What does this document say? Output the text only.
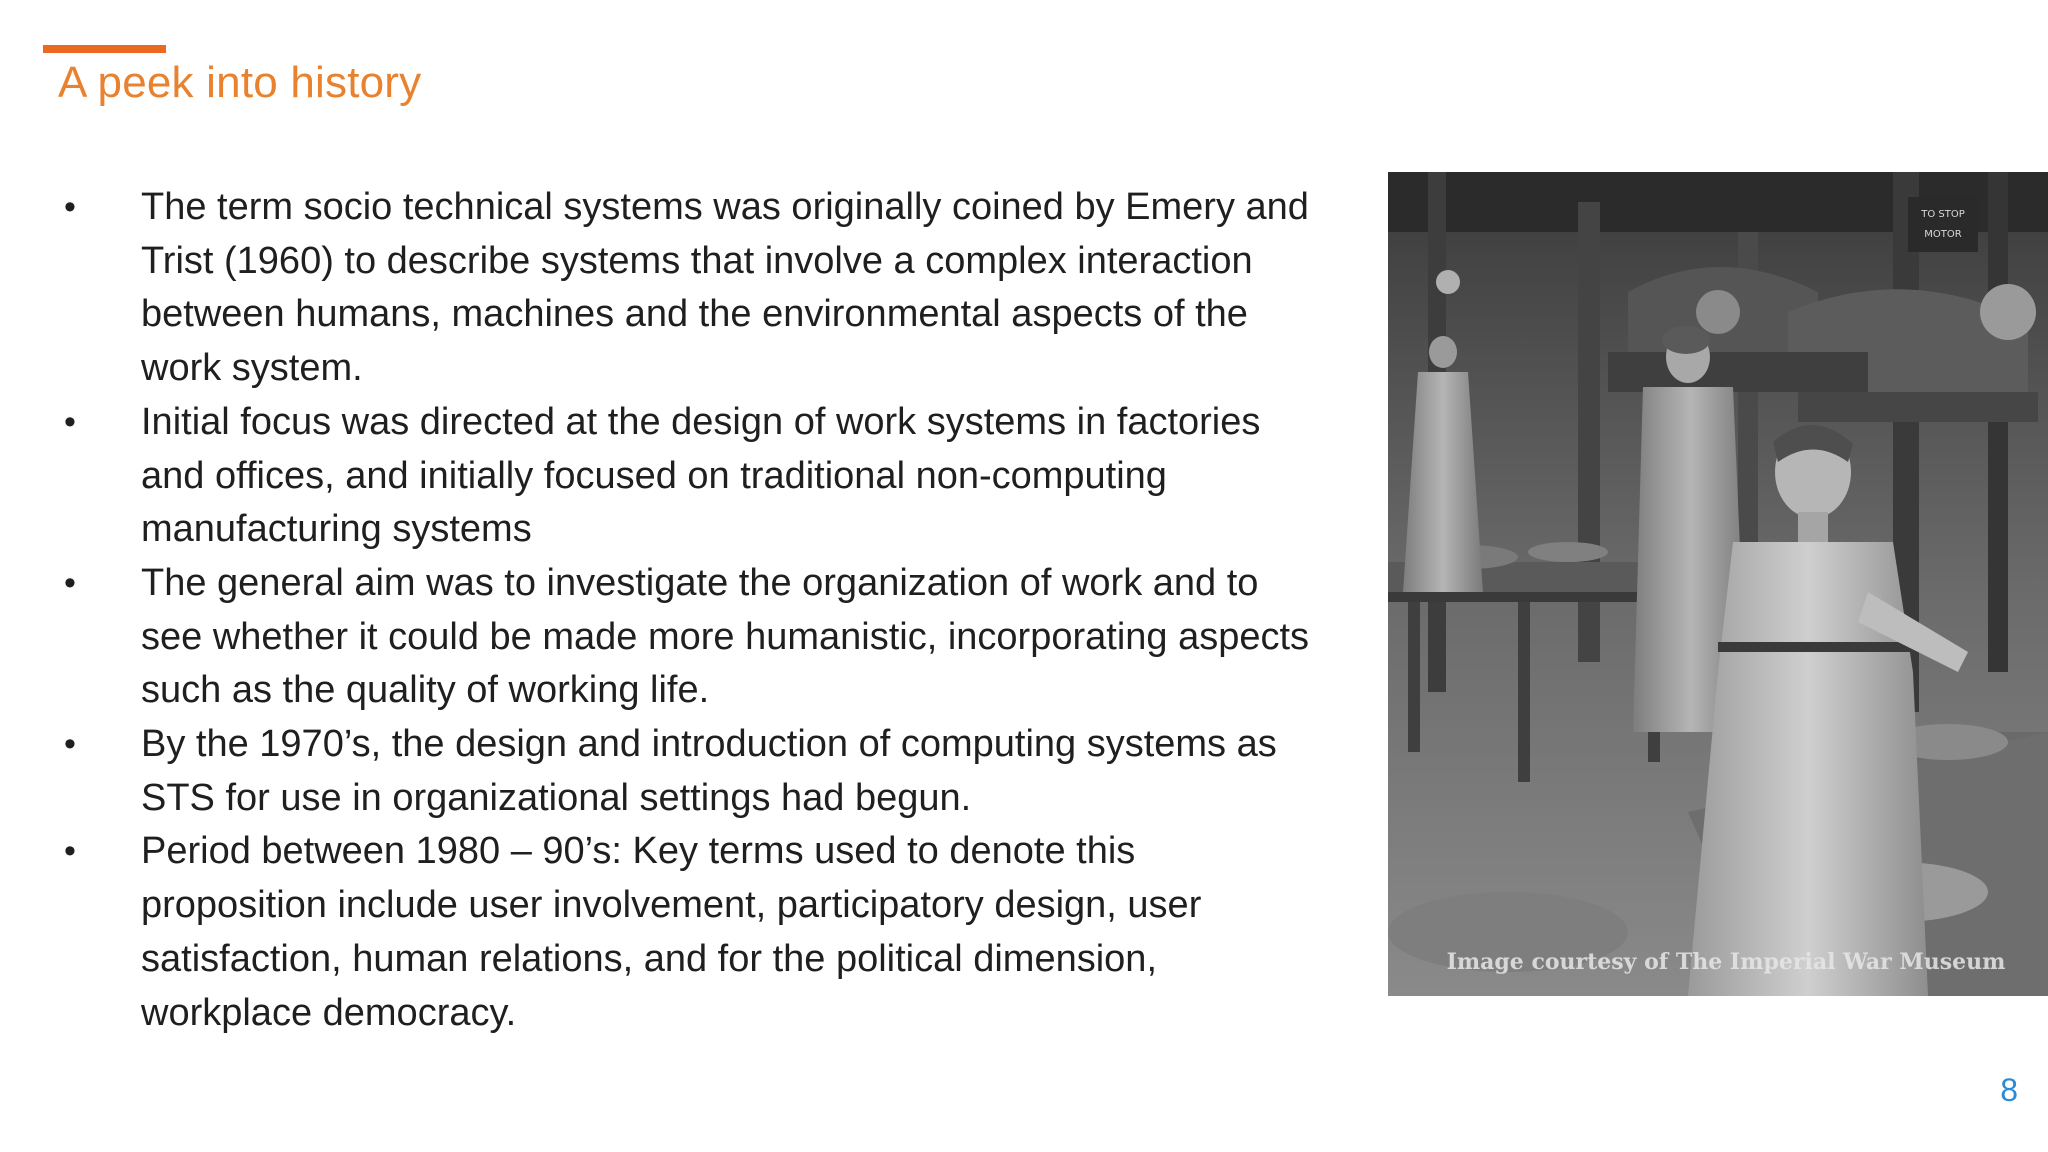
A peek into history
• The term socio technical systems was originally coined by Emery and Trist (1960) to describe systems that involve a complex interaction between humans, machines and the environmental aspects of the work system.
• Initial focus was directed at the design of work systems in factories and offices, and initially focused on traditional non-computing manufacturing systems
• The general aim was to investigate the organization of work and to see whether it could be made more humanistic, incorporating aspects such as the quality of working life.
• By the 1970’s, the design and introduction of computing systems as STS for use in organizational settings had begun.
• Period between 1980 – 90’s: Key terms used to denote this proposition include user involvement, participatory design, user satisfaction, human relations, and for the political dimension, workplace democracy.
TO STOP
MOTOR
Image courtesy of The Imperial War Museum
8
